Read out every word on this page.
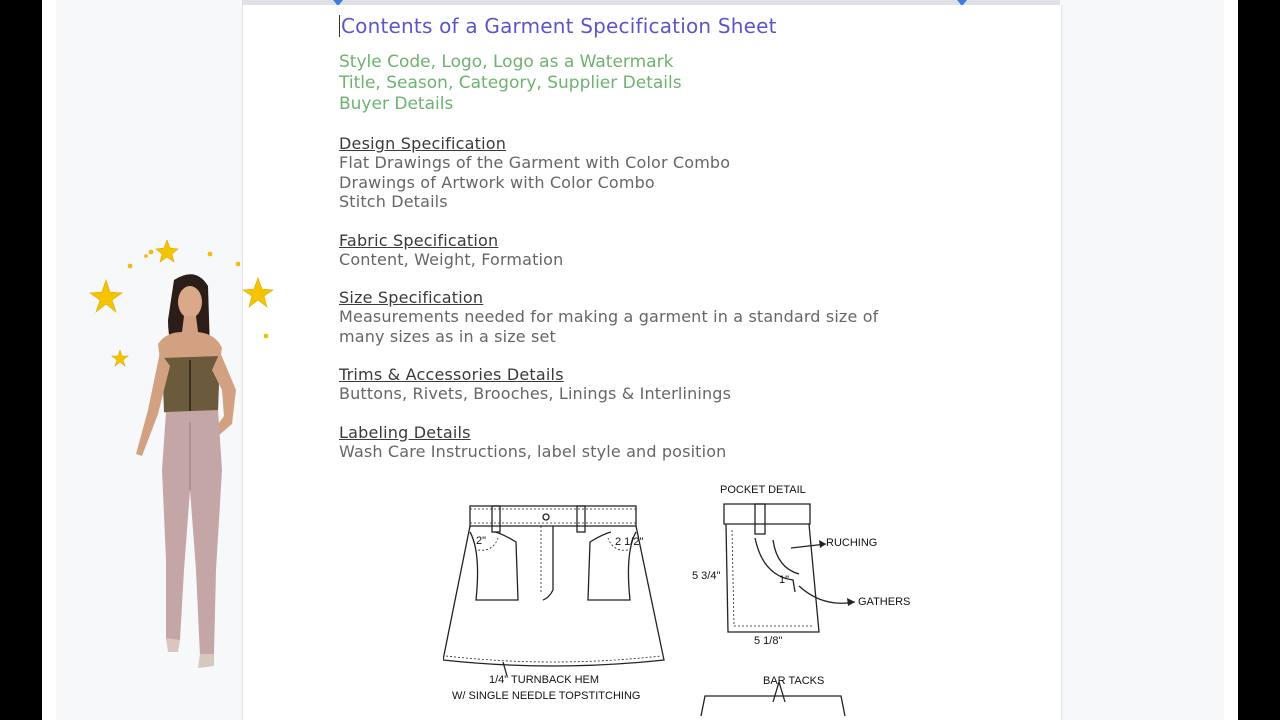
Contents of a Garment Specification Sheet
Style Code, Logo, Logo as a Watermark
Title, Season, Category, Supplier Details
Buyer Details
Design Specification
Flat Drawings of the Garment with Color Combo
Drawings of Artwork with Color Combo
Stitch Details
Fabric Specification
Content, Weight, Formation
Size Specification
Measurements needed for making a garment in a standard size of
many sizes as in a size set
Trims & Accessories Details
Buttons, Rivets, Brooches, Linings & Interlinings
Labeling Details
Wash Care Instructions, label style and position
POCKET DETAIL
2"	2 1/2"	RUCHING
5 3/4"	1"
GATHERS
5 1/8"
1/4" TURNBACK HEM
W/ SINGLE NEEDLE TOPSTITCHING
BAR TACKS
